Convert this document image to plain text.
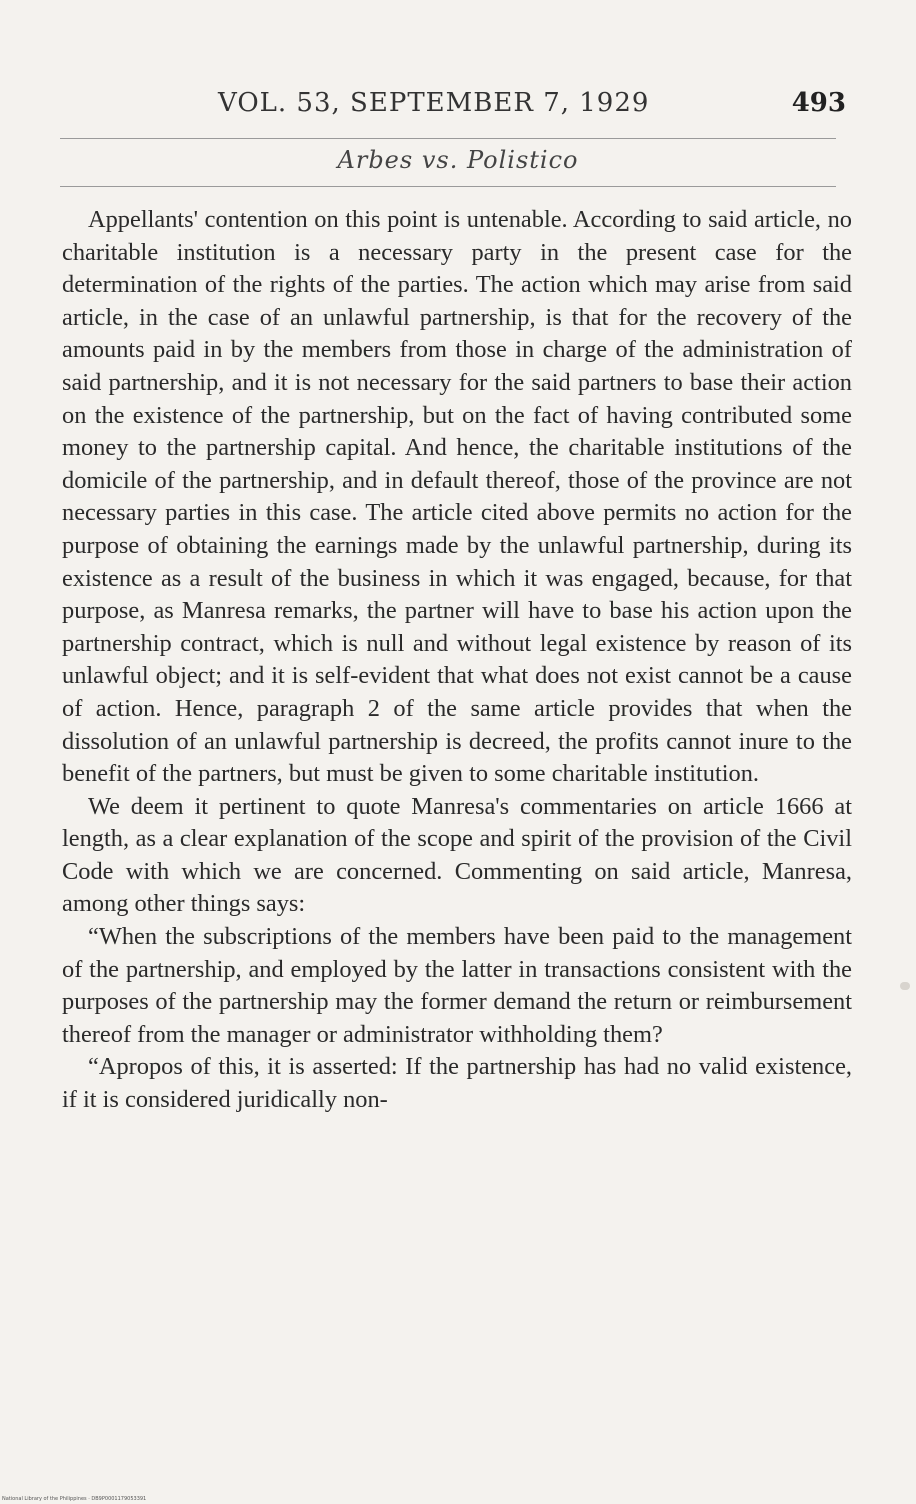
VOL. 53, SEPTEMBER 7, 1929	493
Arbes vs. Polistico

Appellants' contention on this point is untenable. According to said article, no charitable institution is a necessary party in the present case for the determination of the rights of the parties. The action which may arise from said article, in the case of an unlawful partnership, is that for the recovery of the amounts paid in by the members from those in charge of the administration of said partnership, and it is not necessary for the said partners to base their action on the existence of the partnership, but on the fact of having contributed some money to the partnership capital. And hence, the charitable institutions of the domicile of the partnership, and in default thereof, those of the province are not necessary parties in this case. The article cited above permits no action for the purpose of obtaining the earnings made by the unlawful partnership, during its existence as a result of the business in which it was engaged, because, for that purpose, as Manresa remarks, the partner will have to base his action upon the partnership contract, which is null and without legal existence by reason of its unlawful object; and it is self-evident that what does not exist cannot be a cause of action. Hence, paragraph 2 of the same article provides that when the dissolution of an unlawful partnership is decreed, the profits cannot inure to the benefit of the partners, but must be given to some charitable institution.

We deem it pertinent to quote Manresa's commentaries on article 1666 at length, as a clear explanation of the scope and spirit of the provision of the Civil Code with which we are concerned. Commenting on said article, Manresa, among other things says:

“When the subscriptions of the members have been paid to the management of the partnership, and employed by the latter in transactions consistent with the purposes of the partnership may the former demand the return or reimbursement thereof from the manager or administrator withholding them?

“Apropos of this, it is asserted: If the partnership has had no valid existence, if it is considered juridically non-

National Library of the Philippines · DB9P0001179053391
